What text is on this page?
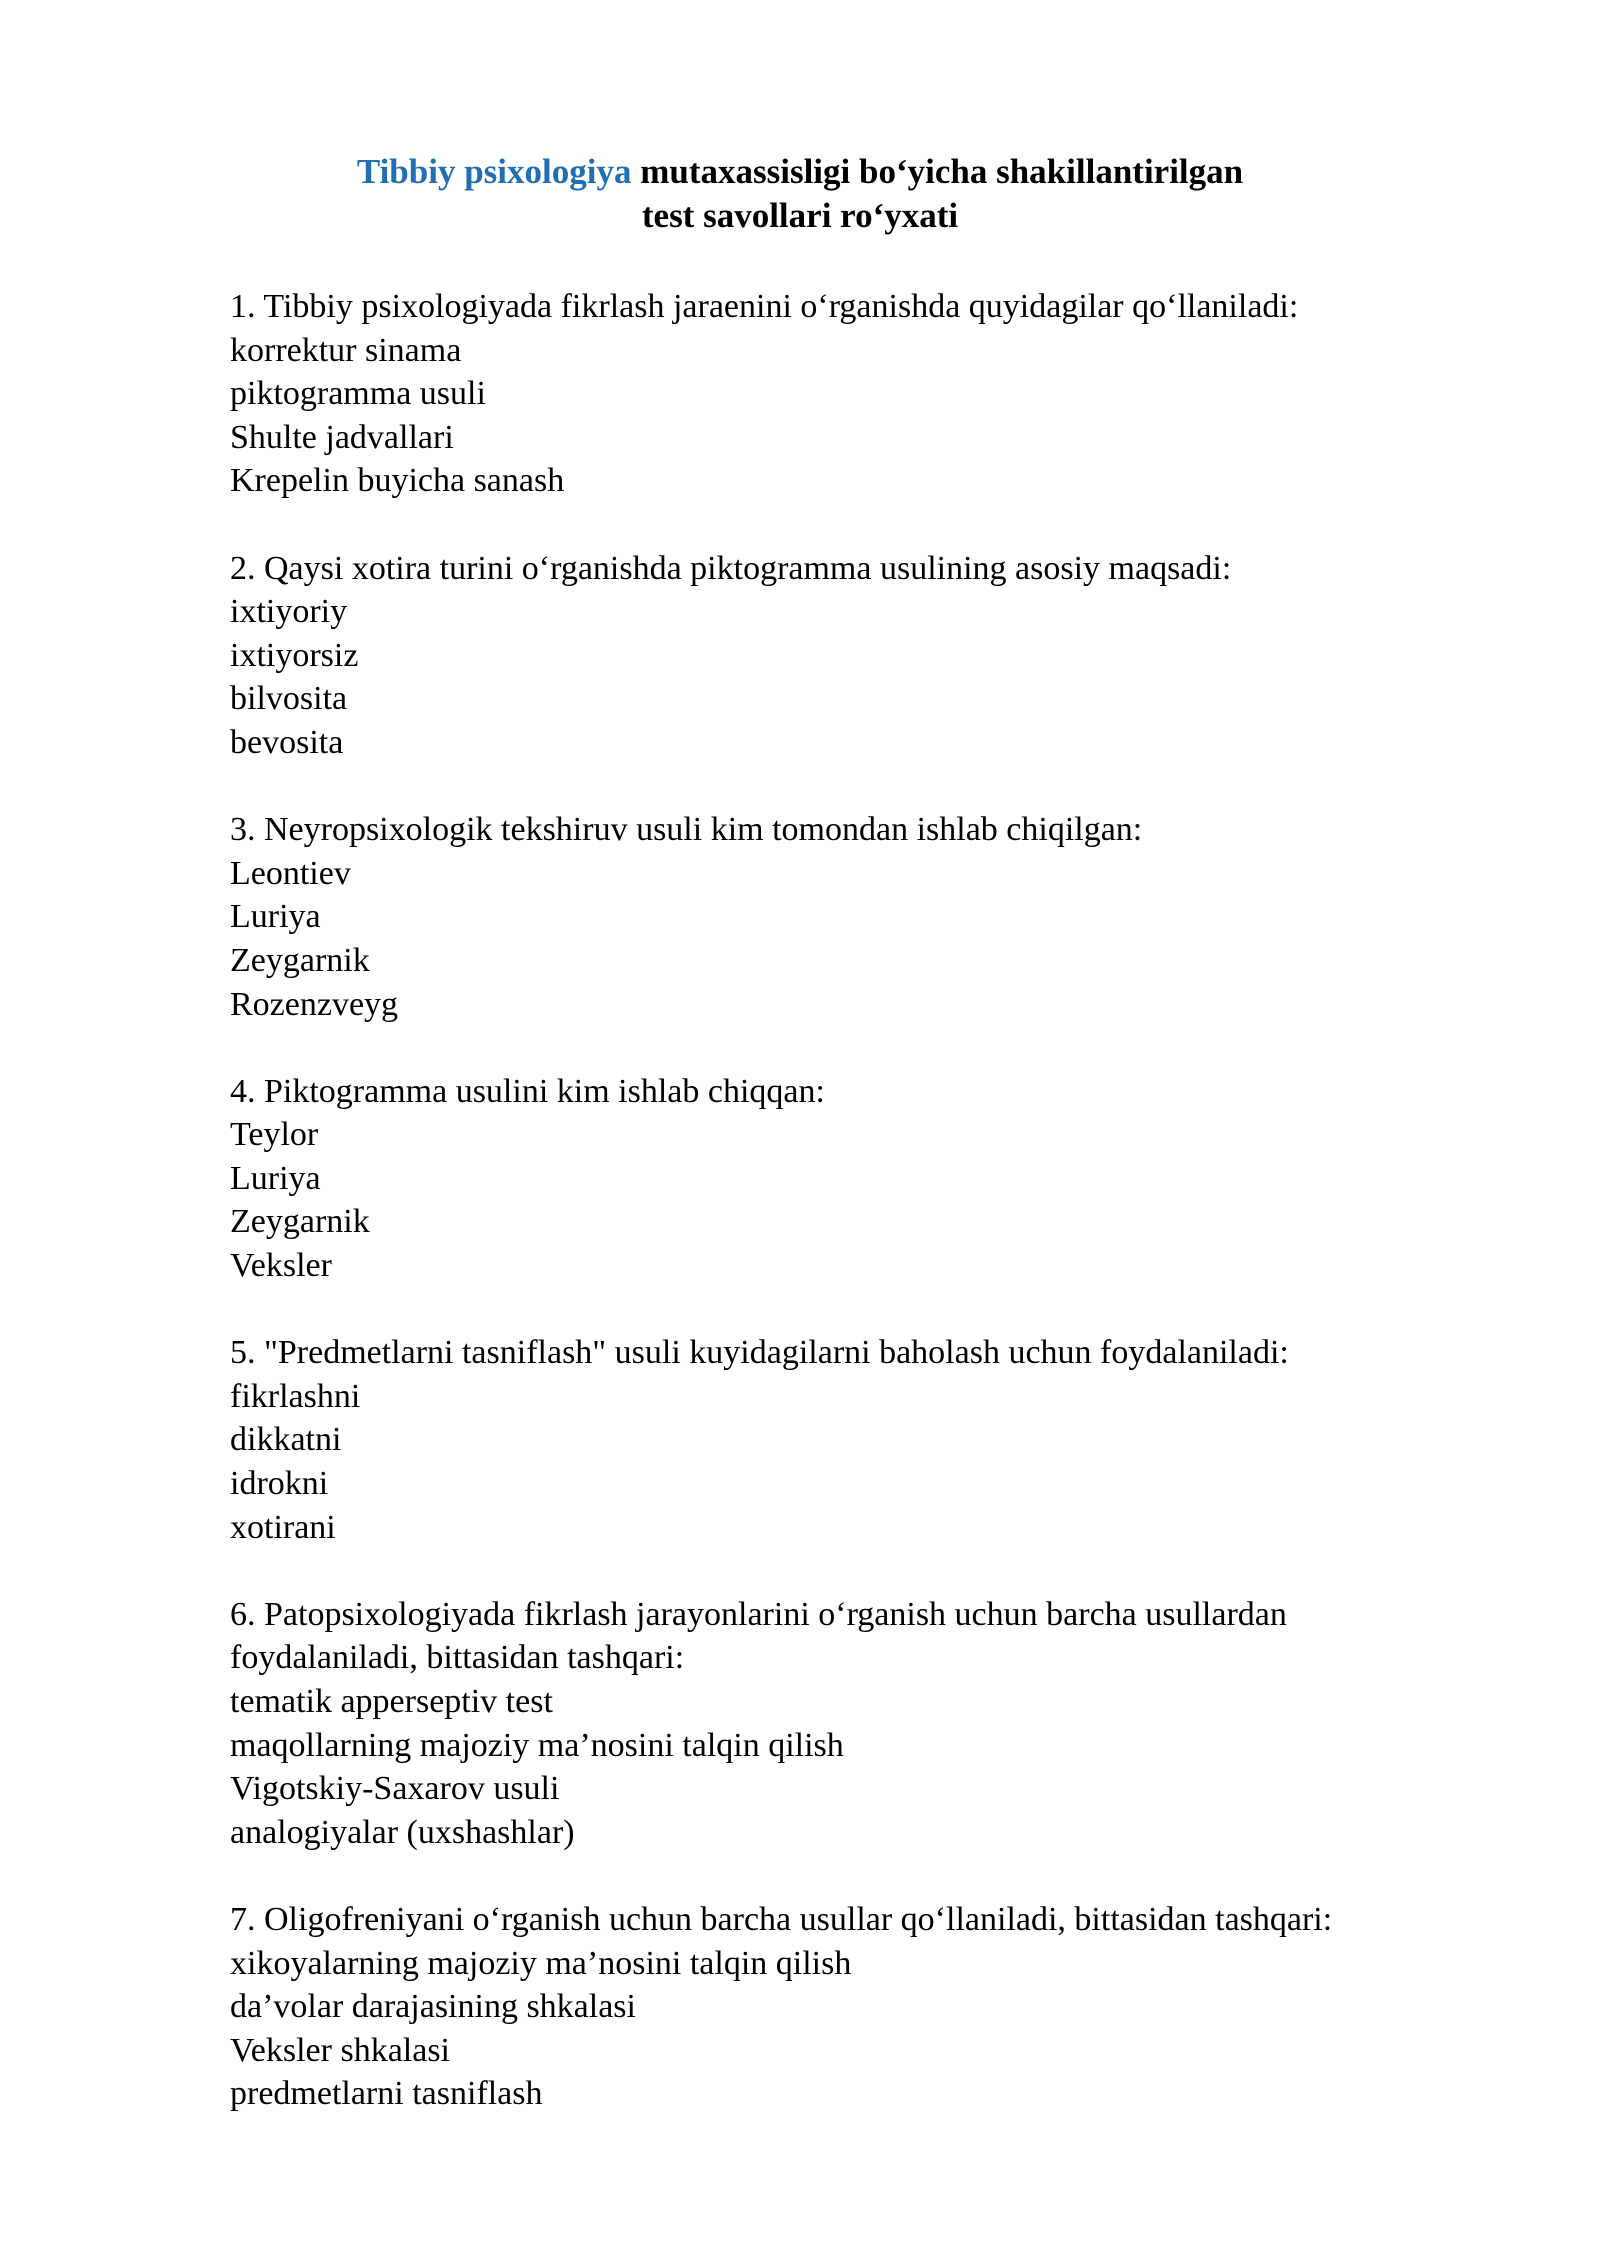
Tibbiy psixologiya mutaxassisligi bo‘yicha shakillantirilgan
test savollari ro‘yxati
1. Tibbiy psixologiyada fikrlash jaraenini o‘rganishda quyidagilar qo‘llaniladi:
korrektur sinama
piktogramma usuli
Shulte jadvallari
Krepelin buyicha sanash
2. Qaysi xotira turini o‘rganishda piktogramma usulining asosiy maqsadi:
ixtiyoriy
ixtiyorsiz
bilvosita
bevosita
3. Neyropsixologik tekshiruv usuli kim tomondan ishlab chiqilgan:
Leontiev
Luriya
Zeygarnik
Rozenzveyg
4. Piktogramma usulini kim ishlab chiqqan:
Teylor
Luriya
Zeygarnik
Veksler
5. "Predmetlarni tasniflash" usuli kuyidagilarni baholash uchun foydalaniladi:
fikrlashni
dikkatni
idrokni
xotirani
6. Patopsixologiyada fikrlash jarayonlarini o‘rganish uchun barcha usullardan
foydalaniladi, bittasidan tashqari:
tematik apperseptiv test
maqollarning majoziy ma’nosini talqin qilish
Vigotskiy-Saxarov usuli
analogiyalar (uxshashlar)
7. Oligofreniyani o‘rganish uchun barcha usullar qo‘llaniladi, bittasidan tashqari:
xikoyalarning majoziy ma’nosini talqin qilish
da’volar darajasining shkalasi
Veksler shkalasi
predmetlarni tasniflash
